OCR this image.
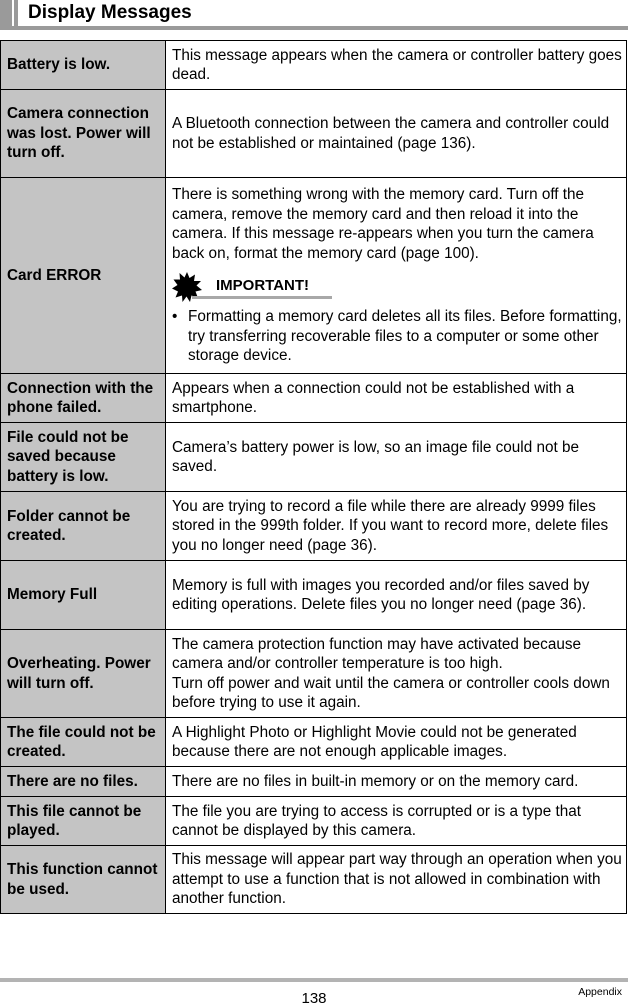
Display Messages
Battery is low.	This message appears when the camera or controller battery goes dead.
Camera connection was lost. Power will turn off.	A Bluetooth connection between the camera and controller could not be established or maintained (page 136).
Card ERROR	There is something wrong with the memory card. Turn off the camera, remove the memory card and then reload it into the camera. If this message re-appears when you turn the camera back on, format the memory card (page 100).
IMPORTANT!
• Formatting a memory card deletes all its files. Before formatting, try transferring recoverable files to a computer or some other storage device.

Connection with the phone failed.	Appears when a connection could not be established with a smartphone.
File could not be saved because battery is low.	Camera’s battery power is low, so an image file could not be saved.
Folder cannot be created.	You are trying to record a file while there are already 9999 files stored in the 999th folder. If you want to record more, delete files you no longer need (page 36).
Memory Full	Memory is full with images you recorded and/or files saved by editing operations. Delete files you no longer need (page 36).
Overheating. Power will turn off.	The camera protection function may have activated because camera and/or controller temperature is too high.
Turn off power and wait until the camera or controller cools down before trying to use it again.

The file could not be created.	A Highlight Photo or Highlight Movie could not be generated because there are not enough applicable images.
There are no files.	There are no files in built-in memory or on the memory card.
This file cannot be played.	The file you are trying to access is corrupted or is a type that cannot be displayed by this camera.
This function cannot be used.	This message will appear part way through an operation when you attempt to use a function that is not allowed in combination with another function.
138	Appendix
